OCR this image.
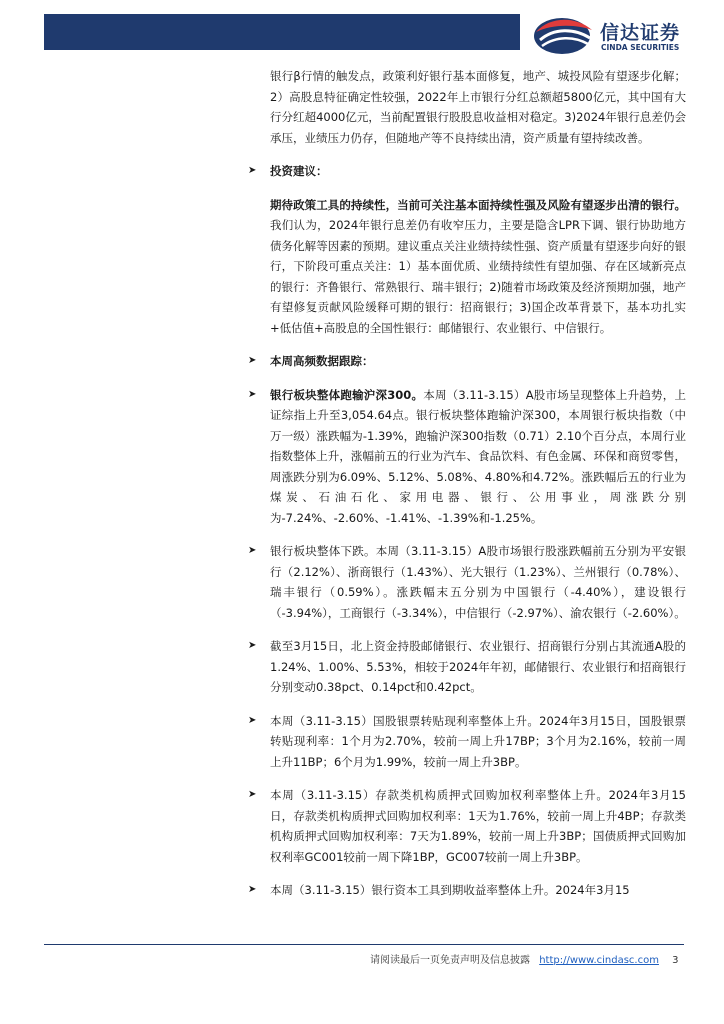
信达证券
CINDA SECURITIES

银行β行情的触发点，政策利好银行基本面修复，地产、城投风险有望逐步化解；2）高股息特征确定性较强，2022年上市银行分红总额超5800亿元，其中国有大行分红超4000亿元，当前配置银行股股息收益相对稳定。3)2024年银行息差仍会承压，业绩压力仍存，但随地产等不良持续出清，资产质量有望持续改善。

➤	投资建议：

期待政策工具的持续性，当前可关注基本面持续性强及风险有望逐步出清的银行。我们认为，2024年银行息差仍有收窄压力，主要是隐含LPR下调、银行协助地方债务化解等因素的预期。建议重点关注业绩持续性强、资产质量有望逐步向好的银行，下阶段可重点关注：1）基本面优质、业绩持续性有望加强、存在区域新亮点的银行：齐鲁银行、常熟银行、瑞丰银行；2)随着市场政策及经济预期加强，地产有望修复贡献风险缓释可期的银行：招商银行；3)国企改革背景下，基本功扎实+低估值+高股息的全国性银行：邮储银行、农业银行、中信银行。

➤	本周高频数据跟踪：
➤	银行板块整体跑输沪深300。本周（3.11-3.15）A股市场呈现整体上升趋势，上证综指上升至3,054.64点。银行板块整体跑输沪深300，本周银行板块指数（中万一级）涨跌幅为-1.39%，跑输沪深300指数（0.71）2.10个百分点，本周行业指数整体上升，涨幅前五的行业为汽车、食品饮料、有色金属、环保和商贸零售，周涨跌分别为6.09%、5.12%、5.08%、4.80%和4.72%。涨跌幅后五的行业为煤炭、石油石化、家用电器、银行、公用事业，周涨跌分别为-7.24%、-2.60%、-1.41%、-1.39%和-1.25%。
➤	银行板块整体下跌。本周（3.11-3.15）A股市场银行股涨跌幅前五分别为平安银行（2.12%）、浙商银行（1.43%）、光大银行（1.23%）、兰州银行（0.78%）、瑞丰银行（0.59%）。涨跌幅末五分别为中国银行（-4.40%），建设银行（-3.94%），工商银行（-3.34%），中信银行（-2.97%）、渝农银行（-2.60%）。
➤	截至3月15日，北上资金持股邮储银行、农业银行、招商银行分别占其流通A股的1.24%、1.00%、5.53%，相较于2024年年初，邮储银行、农业银行和招商银行分别变动0.38pct、0.14pct和0.42pct。
➤	本周（3.11-3.15）国股银票转贴现利率整体上升。2024年3月15日，国股银票转贴现利率：1个月为2.70%，较前一周上升17BP；3个月为2.16%，较前一周上升11BP；6个月为1.99%，较前一周上升3BP。
➤	本周（3.11-3.15）存款类机构质押式回购加权利率整体上升。2024年3月15日，存款类机构质押式回购加权利率：1天为1.76%，较前一周上升4BP；存款类机构质押式回购加权利率：7天为1.89%，较前一周上升3BP；国债质押式回购加权利率GC001较前一周下降1BP，GC007较前一周上升3BP。
➤	本周（3.11-3.15）银行资本工具到期收益率整体上升。2024年3月15
请阅读最后一页免责声明及信息披露 http://www.cindasc.com 3
